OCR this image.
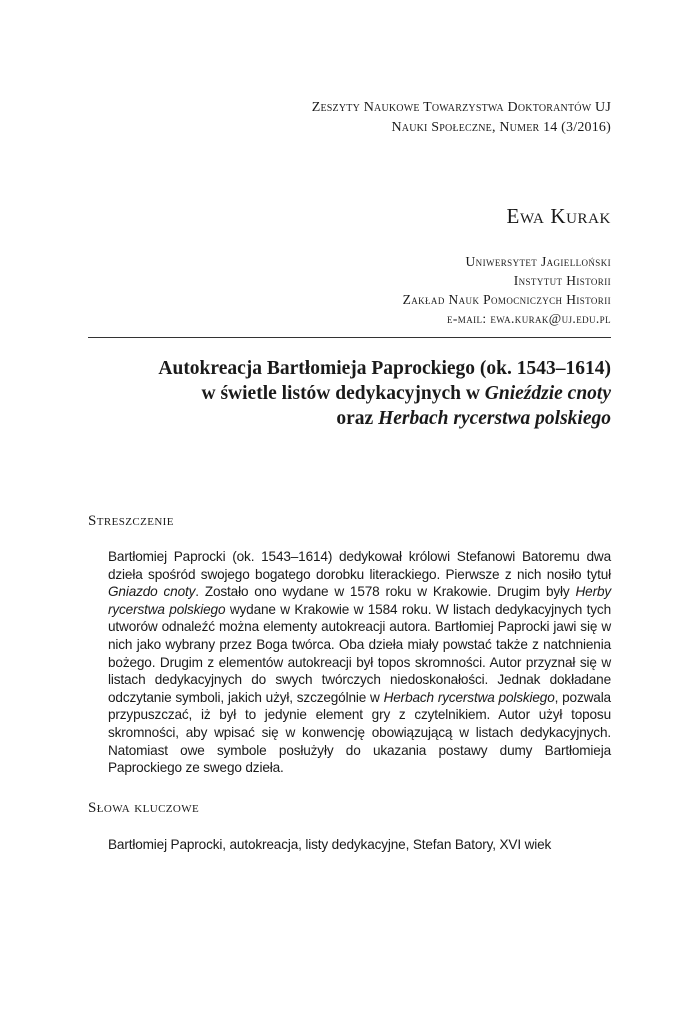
Zeszyty Naukowe Towarzystwa Doktorantów UJ
Nauki Społeczne, Numer 14 (3/2016)
Ewa Kurak
Uniwersytet Jagielloński
Instytut Historii
Zakład Nauk Pomocniczych Historii
e-mail: ewa.kurak@uj.edu.pl
Autokreacja Bartłomieja Paprockiego (ok. 1543–1614)
w świetle listów dedykacyjnych w Gnieździe cnoty
oraz Herbach rycerstwa polskiego
Streszczenie
Bartłomiej Paprocki (ok. 1543–1614) dedykował królowi Stefanowi Batoremu dwa dzieła spośród swojego bogatego dorobku literackiego. Pierwsze z nich nosiło tytuł Gniazdo cnoty. Zostało ono wydane w 1578 roku w Krakowie. Drugim były Herby rycerstwa polskiego wydane w Krakowie w 1584 roku. W listach dedykacyjnych tych utworów odnaleźć można elementy autokreacji autora. Bartłomiej Paprocki jawi się w nich jako wybrany przez Boga twórca. Oba dzieła miały powstać także z natchnienia bożego. Drugim z elementów autokreacji był topos skromności. Autor przyznał się w listach dedykacyjnych do swych twórczych niedoskonałości. Jednak dokładane odczytanie symboli, jakich użył, szczególnie w Herbach rycerstwa polskiego, pozwala przypuszczać, iż był to jedynie element gry z czytelnikiem. Autor użył toposu skromności, aby wpisać się w konwencję obowiązującą w listach dedykacyjnych. Natomiast owe symbole posłużyły do ukazania postawy dumy Bartłomieja Paprockiego ze swego dzieła.
Słowa kluczowe
Bartłomiej Paprocki, autokreacja, listy dedykacyjne, Stefan Batory, XVI wiek
